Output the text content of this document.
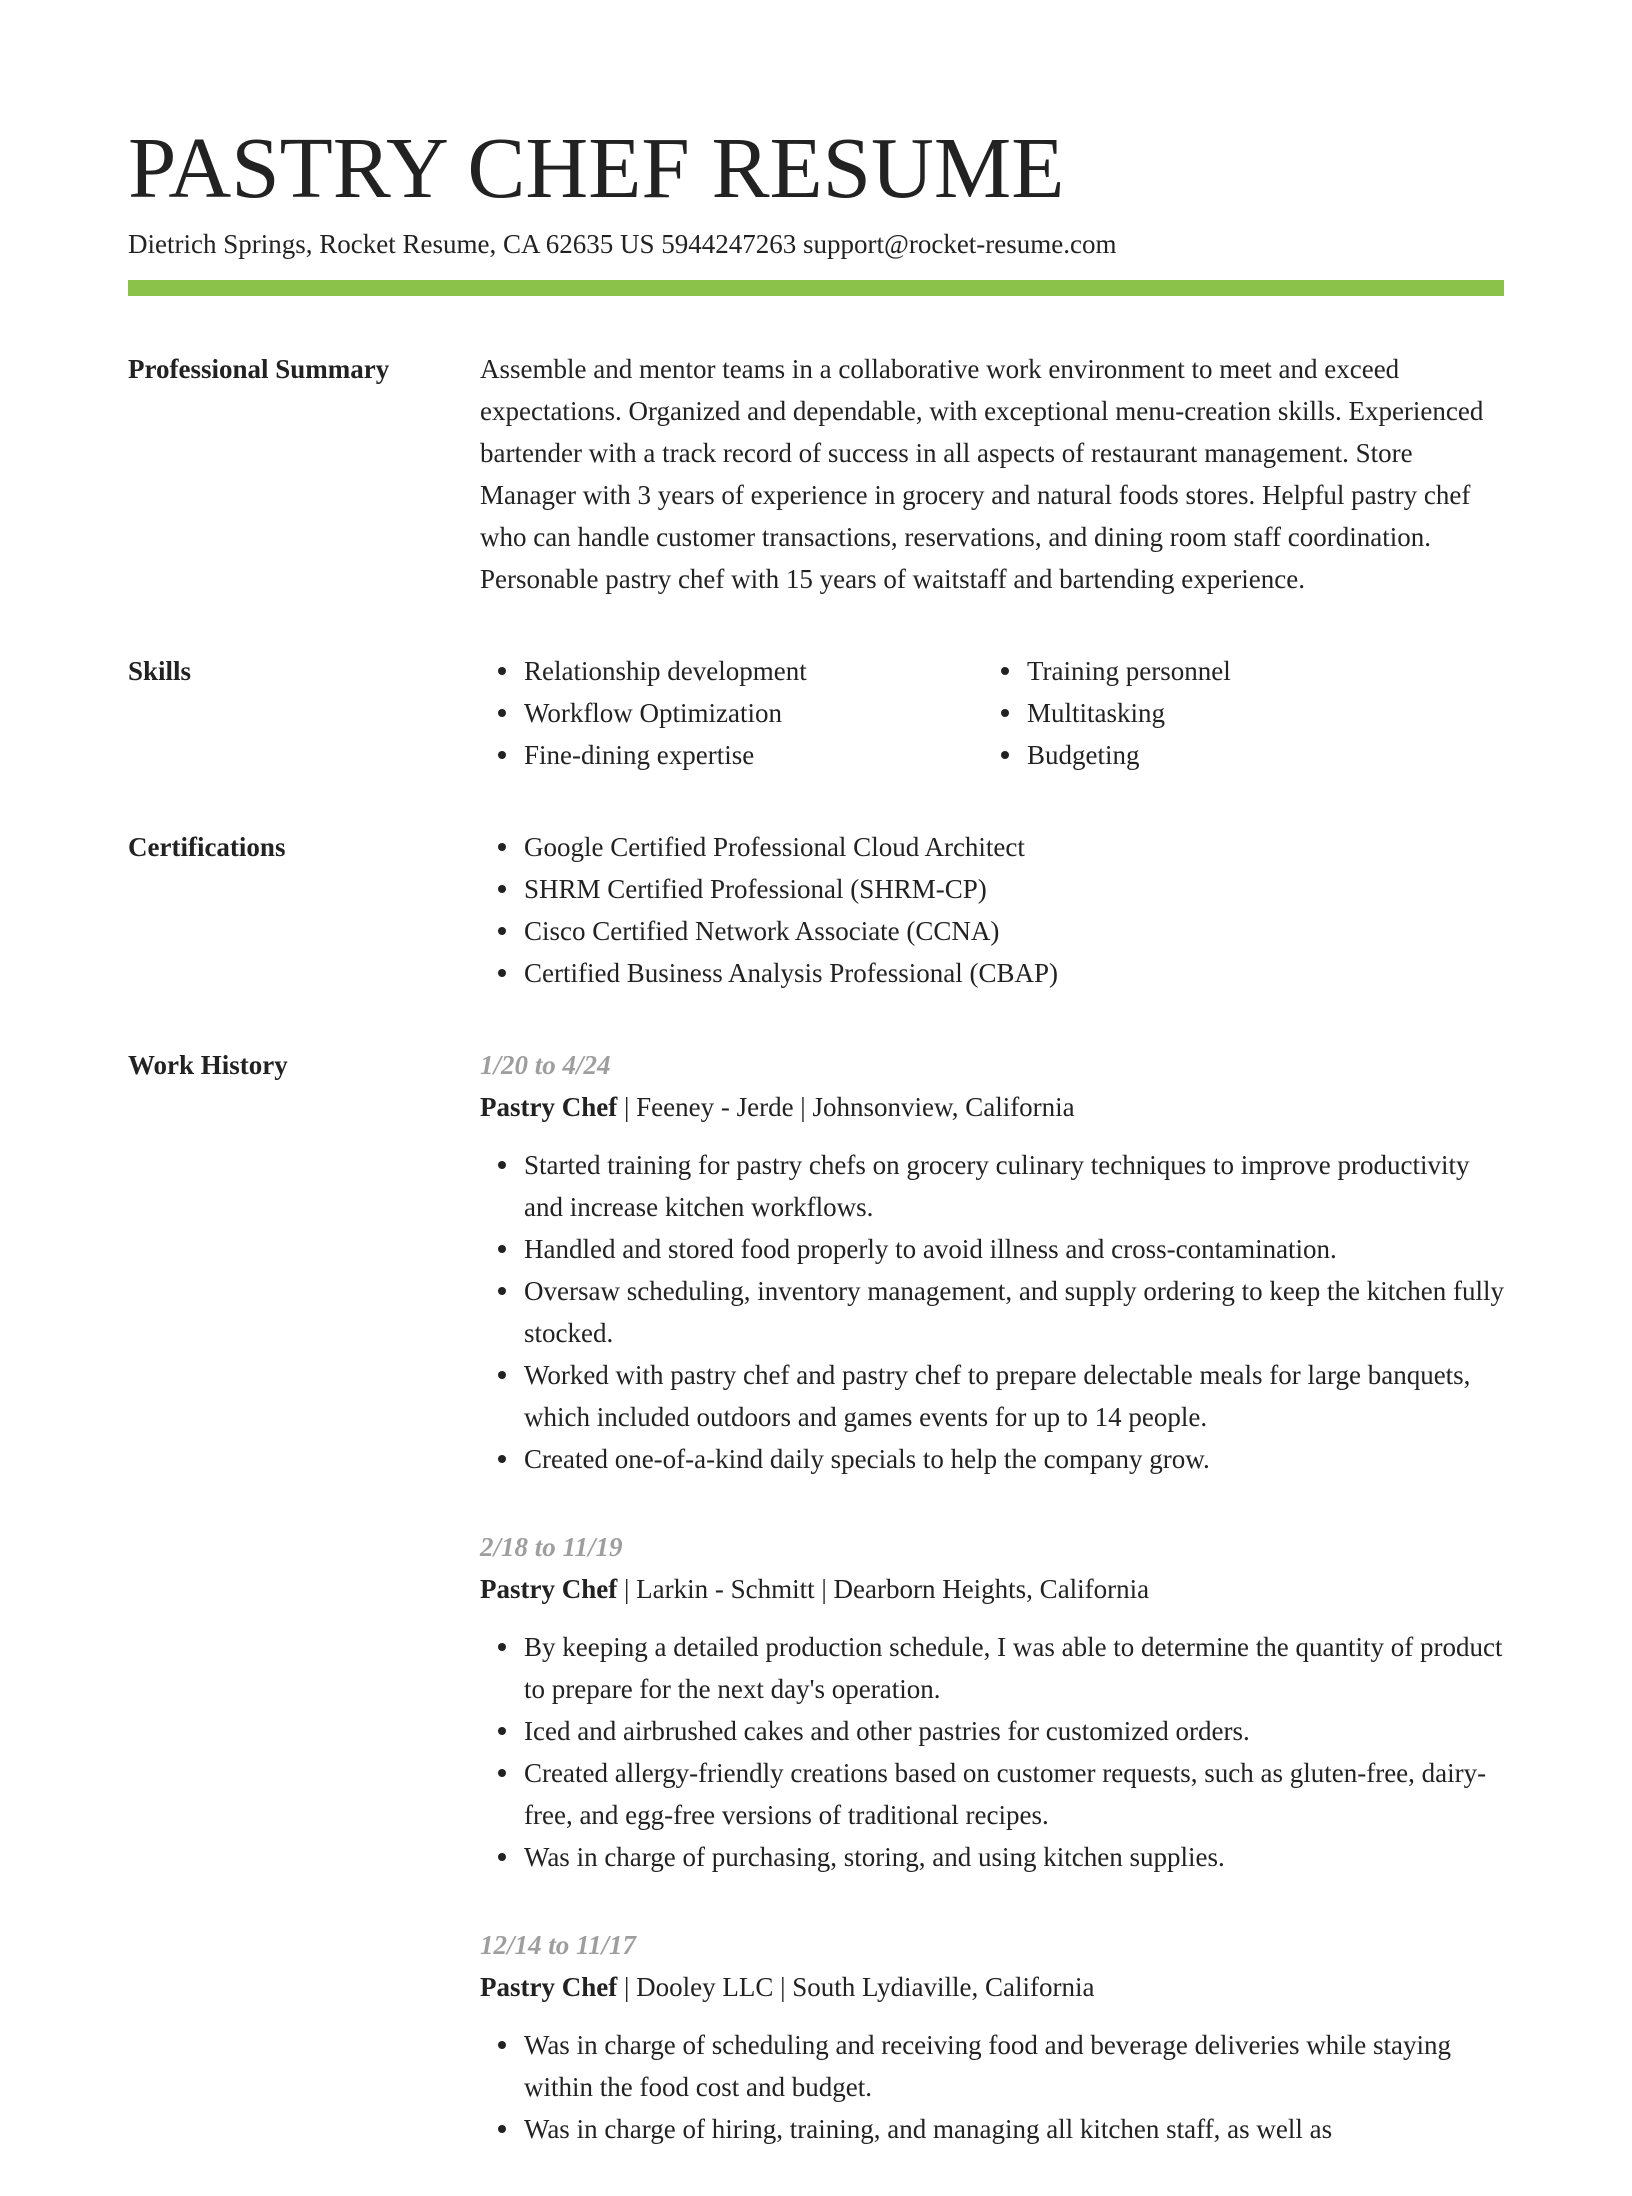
PASTRY CHEF RESUME
Dietrich Springs, Rocket Resume, CA 62635 US 5944247263 support@rocket-resume.com
Professional Summary	Assemble and mentor teams in a collaborative work environment to meet and exceed expectations. Organized and dependable, with exceptional menu-creation skills. Experienced bartender with a track record of success in all aspects of restaurant management. Store Manager with 3 years of experience in grocery and natural foods stores. Helpful pastry chef who can handle customer transactions, reservations, and dining room staff coordination. Personable pastry chef with 15 years of waitstaff and bartending experience.

Skills	Relationship development
Workflow Optimization
Fine-dining expertise
Training personnel
Multitasking
Budgeting
Certifications	Google Certified Professional Cloud Architect
SHRM Certified Professional (SHRM-CP)
Cisco Certified Network Associate (CCNA)
Certified Business Analysis Professional (CBAP)
Work History	1/20 to 4/24
Pastry Chef | Feeney - Jerde | Johnsonview, California
Started training for pastry chefs on grocery culinary techniques to improve productivity and increase kitchen workflows.
Handled and stored food properly to avoid illness and cross-contamination.
Oversaw scheduling, inventory management, and supply ordering to keep the kitchen fully stocked.
Worked with pastry chef and pastry chef to prepare delectable meals for large banquets, which included outdoors and games events for up to 14 people.
Created one-of-a-kind daily specials to help the company grow.
2/18 to 11/19
Pastry Chef | Larkin - Schmitt | Dearborn Heights, California
By keeping a detailed production schedule, I was able to determine the quantity of product to prepare for the next day's operation.
Iced and airbrushed cakes and other pastries for customized orders.
Created allergy-friendly creations based on customer requests, such as gluten-free, dairy-free, and egg-free versions of traditional recipes.
Was in charge of purchasing, storing, and using kitchen supplies.
12/14 to 11/17
Pastry Chef | Dooley LLC | South Lydiaville, California
Was in charge of scheduling and receiving food and beverage deliveries while staying within the food cost and budget.
Was in charge of hiring, training, and managing all kitchen staff, as well as
